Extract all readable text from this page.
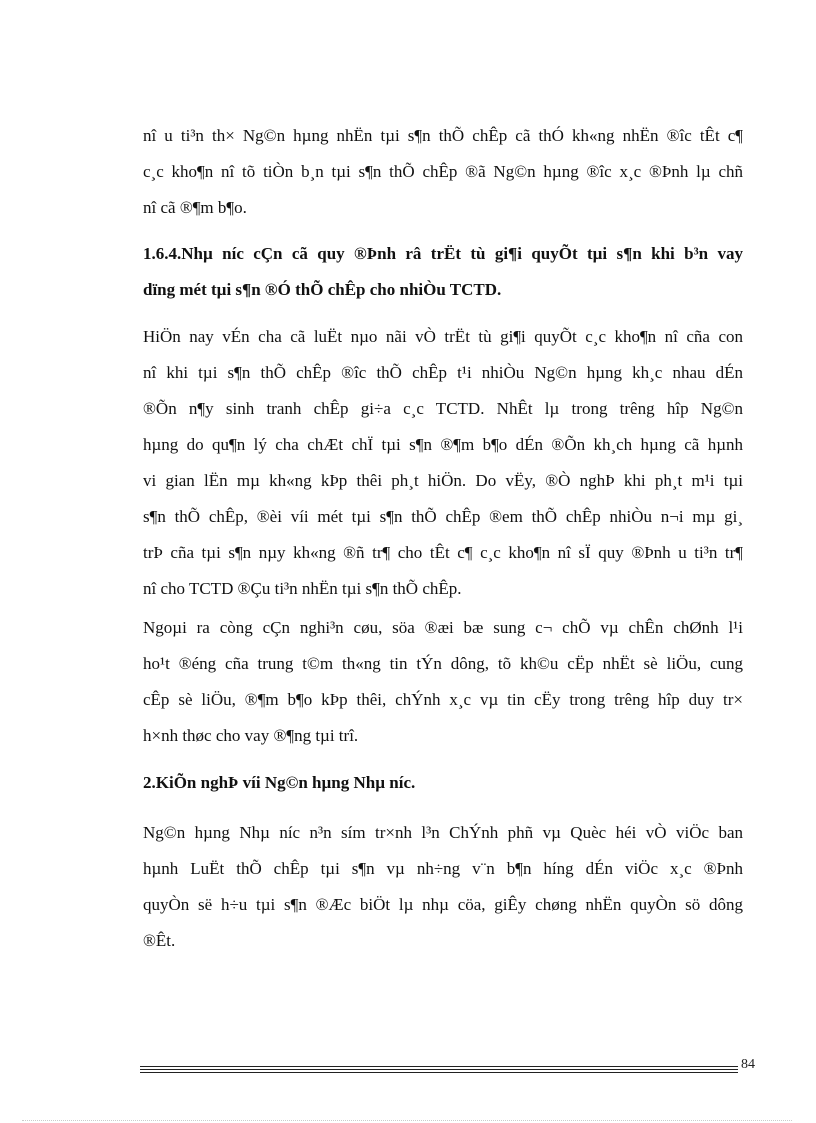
nî u ti³n th× Ng©n hµng nhËn tµi s¶n thÕ chÊp cã thÓ kh«ng nhËn ®îc tÊt c¶
c¸c kho¶n nî tõ tiÒn b¸n tµi s¶n thÕ chÊp ®ã Ng©n hµng ®îc x¸c ®Þnh lµ chñ
nî cã ®¶m b¶o.
1.6.4.Nhµ níc cÇn cã quy ®Þnh râ trËt tù gi¶i quyÕt tµi s¶n khi b³n vay
dïng mét tµi s¶n ®Ó thÕ chÊp cho nhiÒu TCTD.
HiÖn nay vÉn cha cã luËt nµo nãi vÒ trËt tù gi¶i quyÕt c¸c kho¶n nî cña con
nî khi tµi s¶n thÕ chÊp ®îc thÕ chÊp t¹i nhiÒu Ng©n hµng kh¸c nhau dÉn
®Õn n¶y sinh tranh chÊp gi÷a c¸c TCTD. NhÊt lµ trong trêng hîp Ng©n
hµng do qu¶n lý cha chÆt chÏ tµi s¶n ®¶m b¶o dÉn ®Õn kh¸ch hµng cã hµnh
vi gian lËn mµ kh«ng kÞp thêi ph¸t hiÖn. Do vËy, ®Ò nghÞ khi ph¸t m¹i tµi
s¶n thÕ chÊp, ®èi víi mét tµi s¶n thÕ chÊp ®em thÕ chÊp nhiÒu n¬i mµ gi¸
trÞ cña tµi s¶n nµy kh«ng ®ñ tr¶ cho tÊt c¶ c¸c kho¶n nî sÏ quy ®Þnh u ti³n tr¶
nî cho TCTD ®Çu ti³n nhËn tµi s¶n thÕ chÊp.
Ngoµi ra còng cÇn nghi³n cøu, söa ®æi bæ sung c¬ chÕ vµ chÊn chØnh l¹i
ho¹t ®éng cña trung t©m th«ng tin tÝn dông, tõ kh©u cËp nhËt sè liÖu, cung
cÊp sè liÖu, ®¶m b¶o kÞp thêi, chÝnh x¸c vµ tin cËy trong trêng hîp duy tr×
h×nh thøc cho vay ®¶ng tµi trî.
2.KiÕn nghÞ víi Ng©n hµng Nhµ níc.
Ng©n hµng Nhµ níc n³n sím tr×nh l³n ChÝnh phñ vµ Quèc héi vÒ viÖc ban
hµnh LuËt thÕ chÊp tµi s¶n vµ nh÷ng v¨n b¶n híng dÉn viÖc x¸c ®Þnh
quyÒn së h÷u tµi s¶n ®Æc biÖt lµ nhµ cöa, giÊy chøng nhËn quyÒn sö dông
®Êt.
84
